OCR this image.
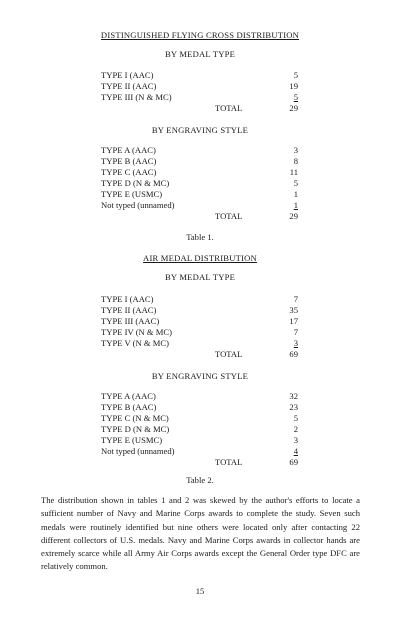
DISTINGUISHED FLYING CROSS DISTRIBUTION
BY MEDAL TYPE
TYPE I (AAC)	5
TYPE II (AAC)	19
TYPE III (N & MC)	5
TOTAL	29
BY ENGRAVING STYLE
TYPE A (AAC)	3
TYPE B (AAC)	8
TYPE C (AAC)	11
TYPE D (N & MC)	5
TYPE E (USMC)	1
Not typed (unnamed)	1
TOTAL	29
Table 1.
AIR MEDAL DISTRIBUTION
BY MEDAL TYPE
TYPE I (AAC)	7
TYPE II (AAC)	35
TYPE III (AAC)	17
TYPE IV (N & MC)	7
TYPE V (N & MC)	3
TOTAL	69
BY ENGRAVING STYLE
TYPE A (AAC)	32
TYPE B (AAC)	23
TYPE C (N & MC)	5
TYPE D (N & MC)	2
TYPE E (USMC)	3
Not typed (unnamed)	4
TOTAL	69
Table 2.
The distribution shown in tables 1 and 2 was skewed by the author's efforts to locate a sufficient number of Navy and Marine Corps awards to complete the study. Seven such medals were routinely identified but nine others were located only after contacting 22 different collectors of U.S. medals. Navy and Marine Corps awards in collector hands are extremely scarce while all Army Air Corps awards except the General Order type DFC are relatively common.
15
